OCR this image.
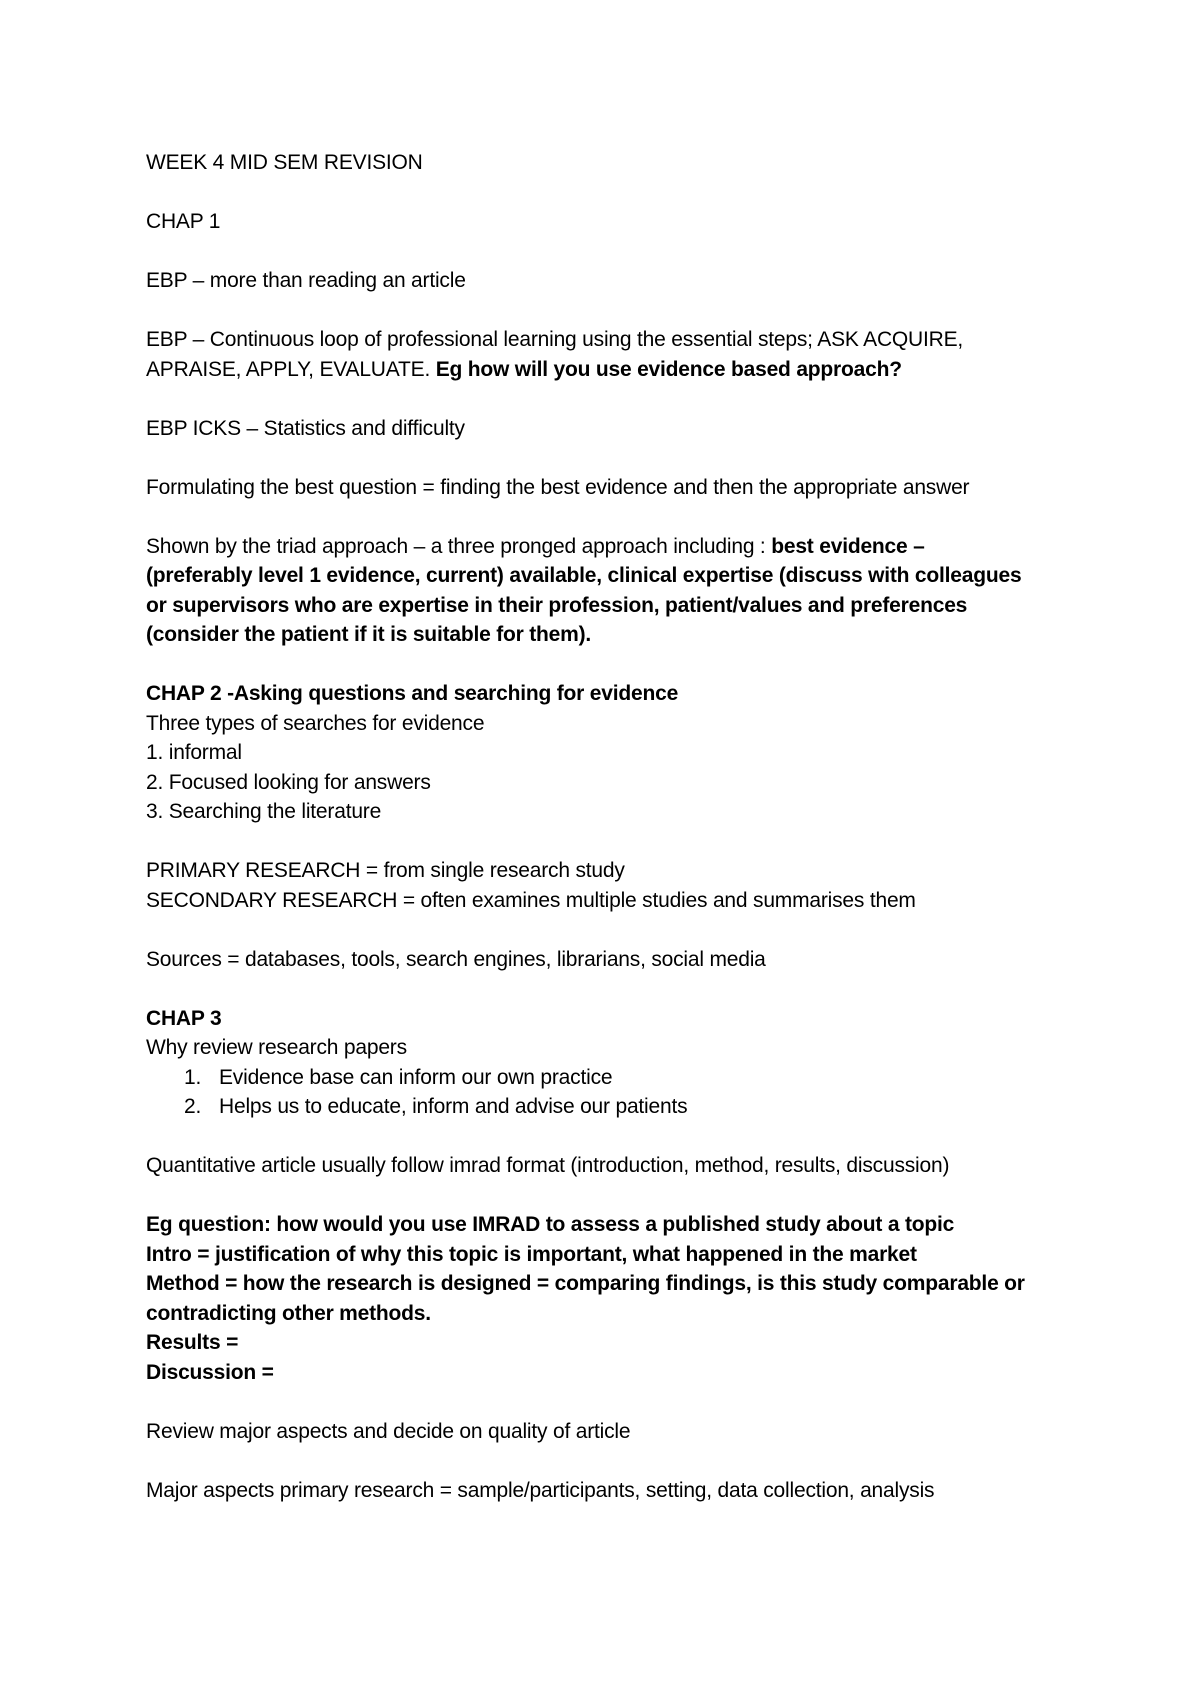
WEEK 4 MID SEM REVISION
CHAP 1
EBP – more than reading an article
EBP – Continuous loop of professional learning using the essential steps; ASK ACQUIRE,
APRAISE, APPLY, EVALUATE. Eg how will you use evidence based approach?
EBP ICKS – Statistics and difficulty
Formulating the best question = finding the best evidence and then the appropriate answer
Shown by the triad approach – a three pronged approach including : best evidence –
(preferably level 1 evidence, current) available, clinical expertise (discuss with colleagues
or supervisors who are expertise in their profession, patient/values and preferences
(consider the patient if it is suitable for them).
CHAP 2 -Asking questions and searching for evidence
Three types of searches for evidence
1. informal
2. Focused looking for answers
3. Searching the literature
PRIMARY RESEARCH = from single research study
SECONDARY RESEARCH = often examines multiple studies and summarises them
Sources = databases, tools, search engines, librarians, social media
CHAP 3
Why review research papers
1. Evidence base can inform our own practice
2. Helps us to educate, inform and advise our patients
Quantitative article usually follow imrad format (introduction, method, results, discussion)
Eg question: how would you use IMRAD to assess a published study about a topic
Intro = justification of why this topic is important, what happened in the market
Method = how the research is designed = comparing findings, is this study comparable or
contradicting other methods.
Results =
Discussion =
Review major aspects and decide on quality of article
Major aspects primary research = sample/participants, setting, data collection, analysis
